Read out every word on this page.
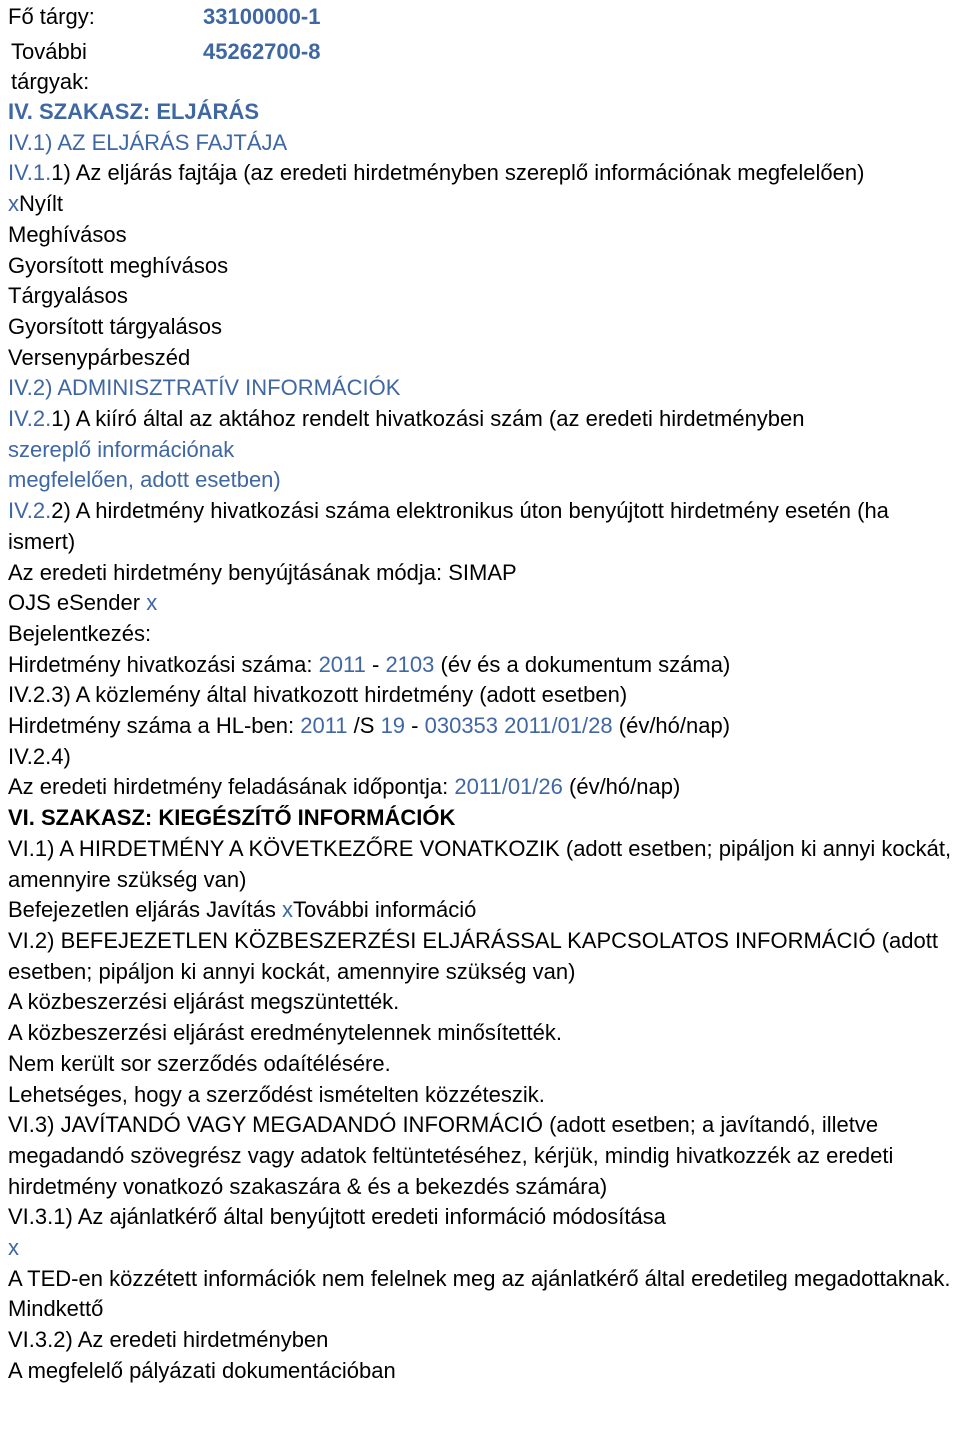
Fő tárgy:	33100000-1
További
tárgyak:
45262700-8
IV. SZAKASZ: ELJÁRÁS
IV.1) AZ ELJÁRÁS FAJTÁJA
IV.1.1) Az eljárás fajtája (az eredeti hirdetményben szereplő információnak megfelelően)
xNyílt
Meghívásos
Gyorsított meghívásos
Tárgyalásos
Gyorsított tárgyalásos
Versenypárbeszéd
IV.2) ADMINISZTRATÍV INFORMÁCIÓK
IV.2.1) A kiíró által az aktához rendelt hivatkozási szám (az eredeti hirdetményben
szereplő információnak
megfelelően, adott esetben)
IV.2.2) A hirdetmény hivatkozási száma elektronikus úton benyújtott hirdetmény esetén (ha ismert)
Az eredeti hirdetmény benyújtásának módja: SIMAP
OJS eSender x
Bejelentkezés:
Hirdetmény hivatkozási száma: 2011 - 2103 (év és a dokumentum száma)
IV.2.3) A közlemény által hivatkozott hirdetmény (adott esetben)
Hirdetmény száma a HL-ben: 2011 /S 19 - 030353 2011/01/28 (év/hó/nap)
IV.2.4)
Az eredeti hirdetmény feladásának időpontja: 2011/01/26 (év/hó/nap)
VI. SZAKASZ: KIEGÉSZÍTŐ INFORMÁCIÓK
VI.1) A HIRDETMÉNY A KÖVETKEZŐRE VONATKOZIK (adott esetben; pipáljon ki annyi kockát, amennyire szükség van)
Befejezetlen eljárás Javítás xTovábbi információ
VI.2) BEFEJEZETLEN KÖZBESZERZÉSI ELJÁRÁSSAL KAPCSOLATOS INFORMÁCIÓ (adott esetben; pipáljon ki annyi kockát, amennyire szükség van)
A közbeszerzési eljárást megszüntették.
A közbeszerzési eljárást eredménytelennek minősítették.
Nem került sor szerződés odaítélésére.
Lehetséges, hogy a szerződést ismételten közzéteszik.
VI.3) JAVÍTANDÓ VAGY MEGADANDÓ INFORMÁCIÓ (adott esetben; a javítandó, illetve megadandó szövegrész vagy adatok feltüntetéséhez, kérjük, mindig hivatkozzék az eredeti hirdetmény vonatkozó szakaszára & és a bekezdés számára)
VI.3.1) Az ajánlatkérő által benyújtott eredeti információ módosítása
x
A TED-en közzétett információk nem felelnek meg az ajánlatkérő által eredetileg megadottaknak.
Mindkettő
VI.3.2) Az eredeti hirdetményben
A megfelelő pályázati dokumentációban
